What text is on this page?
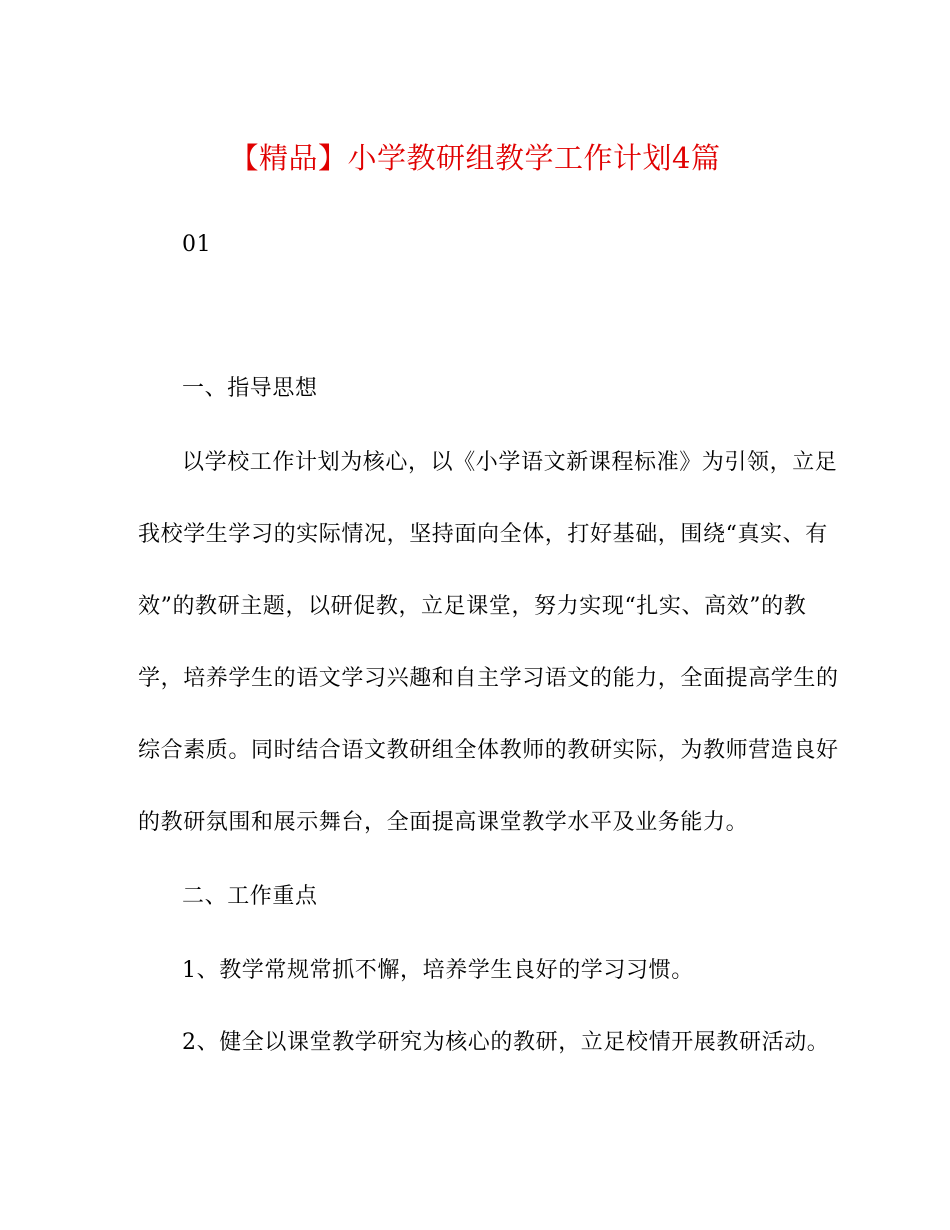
【精品】小学教研组教学工作计划4篇
01
一、指导思想
以学校工作计划为核心，以《小学语文新课程标准》为引领，立足
我校学生学习的实际情况，坚持面向全体，打好基础，围绕“真实、有
效”的教研主题，以研促教，立足课堂，努力实现“扎实、高效”的教
学，培养学生的语文学习兴趣和自主学习语文的能力，全面提高学生的
综合素质。同时结合语文教研组全体教师的教研实际，为教师营造良好
的教研氛围和展示舞台，全面提高课堂教学水平及业务能力。
二、工作重点
1、教学常规常抓不懈，培养学生良好的学习习惯。
2、健全以课堂教学研究为核心的教研，立足校情开展教研活动。
